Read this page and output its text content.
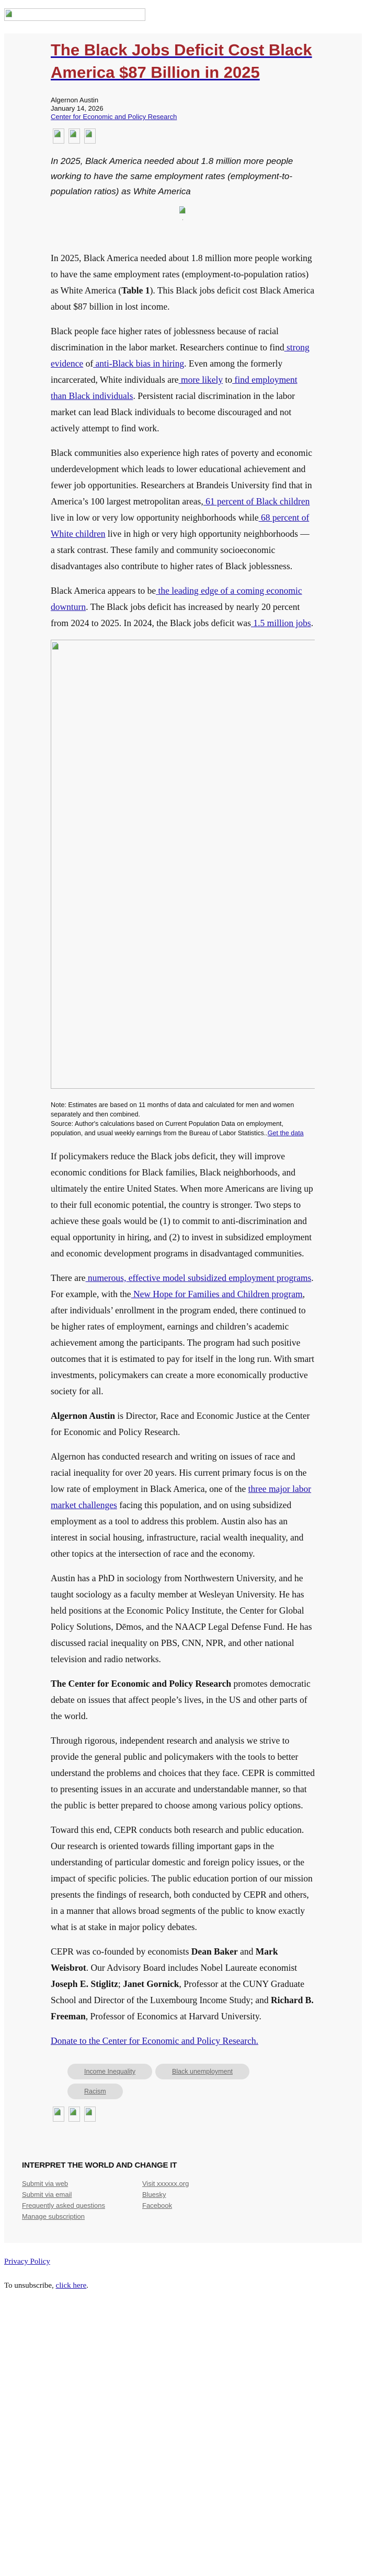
The Black Jobs Deficit Cost Black America $87 Billion in 2025
Algernon Austin
January 14, 2026
Center for Economic and Policy Research

In 2025, Black America needed about 1.8 million more people working to have the same employment rates (employment-to-population ratios) as White America
,

In 2025, Black America needed about 1.8 million more people working to have the same employment rates (employment-to-population ratios) as White America (Table 1). This Black jobs deficit cost Black America about $87 billion in lost income.

Black people face higher rates of joblessness because of racial discrimination in the labor market. Researchers continue to find strong evidence of anti-Black bias in hiring. Even among the formerly incarcerated, White individuals are more likely to find employment than Black individuals. Persistent racial discrimination in the labor market can lead Black individuals to become discouraged and not actively attempt to find work.

Black communities also experience high rates of poverty and economic underdevelopment which leads to lower educational achievement and fewer job opportunities. Researchers at Brandeis University find that in America’s 100 largest metropolitan areas, 61 percent of Black children live in low or very low opportunity neighborhoods while 68 percent of White children live in high or very high opportunity neighborhoods — a stark contrast. These family and community socioeconomic disadvantages also contribute to higher rates of Black joblessness.

Black America appears to be the leading edge of a coming economic downturn. The Black jobs deficit has increased by nearly 20 percent from 2024 to 2025. In 2024, the Black jobs deficit was 1.5 million jobs.

Note: Estimates are based on 11 months of data and calculated for men and women separately and then combined.
Source: Author's calculations based on Current Population Data on employment, population, and usual weekly earnings from the Bureau of Labor Statistics..Get the data

If policymakers reduce the Black jobs deficit, they will improve economic conditions for Black families, Black neighborhoods, and ultimately the entire United States. When more Americans are living up to their full economic potential, the country is stronger. Two steps to achieve these goals would be (1) to commit to anti-discrimination and equal opportunity in hiring, and (2) to invest in subsidized employment and economic development programs in disadvantaged communities.

There are numerous, effective model subsidized employment programs. For example, with the New Hope for Families and Children program, after individuals’ enrollment in the program ended, there continued to be higher rates of employment, earnings and children’s academic achievement among the participants. The program had such positive outcomes that it is estimated to pay for itself in the long run. With smart investments, policymakers can create a more economically productive society for all.

Algernon Austin is Director, Race and Economic Justice at the Center for Economic and Policy Research.

Algernon has conducted research and writing on issues of race and racial inequality for over 20 years. His current primary focus is on the low rate of employment in Black America, one of the three major labor market challenges facing this population, and on using subsidized employment as a tool to address this problem. Austin also has an interest in social housing, infrastructure, racial wealth inequality, and other topics at the intersection of race and the economy.

Austin has a PhD in sociology from Northwestern University, and he taught sociology as a faculty member at Wesleyan University. He has held positions at the Economic Policy Institute, the Center for Global Policy Solutions, Dēmos, and the NAACP Legal Defense Fund. He has discussed racial inequality on PBS, CNN, NPR, and other national television and radio networks.

The Center for Economic and Policy Research promotes democratic debate on issues that affect people’s lives, in the US and other parts of the world.

Through rigorous, independent research and analysis we strive to provide the general public and policymakers with the tools to better understand the problems and choices that they face. CEPR is committed to presenting issues in an accurate and understandable manner, so that the public is better prepared to choose among various policy options.

Toward this end, CEPR conducts both research and public education. Our research is oriented towards filling important gaps in the understanding of particular domestic and foreign policy issues, or the impact of specific policies. The public education portion of our mission presents the findings of research, both conducted by CEPR and others, in a manner that allows broad segments of the public to know exactly what is at stake in major policy debates.

CEPR was co-founded by economists Dean Baker and Mark Weisbrot. Our Advisory Board includes Nobel Laureate economist Joseph E. Stiglitz; Janet Gornick, Professor at the CUNY Graduate School and Director of the Luxembourg Income Study; and Richard B. Freeman, Professor of Economics at Harvard University.

Donate to the Center for Economic and Policy Research.

Income Inequality	Black unemployment
Racism

INTERPRET THE WORLD AND CHANGE IT
Submit via web
Submit via email
Frequently asked questions
Manage subscription
Visit xxxxxx.org
Bluesky
Facebook

Privacy Policy

To unsubscribe, click here.
